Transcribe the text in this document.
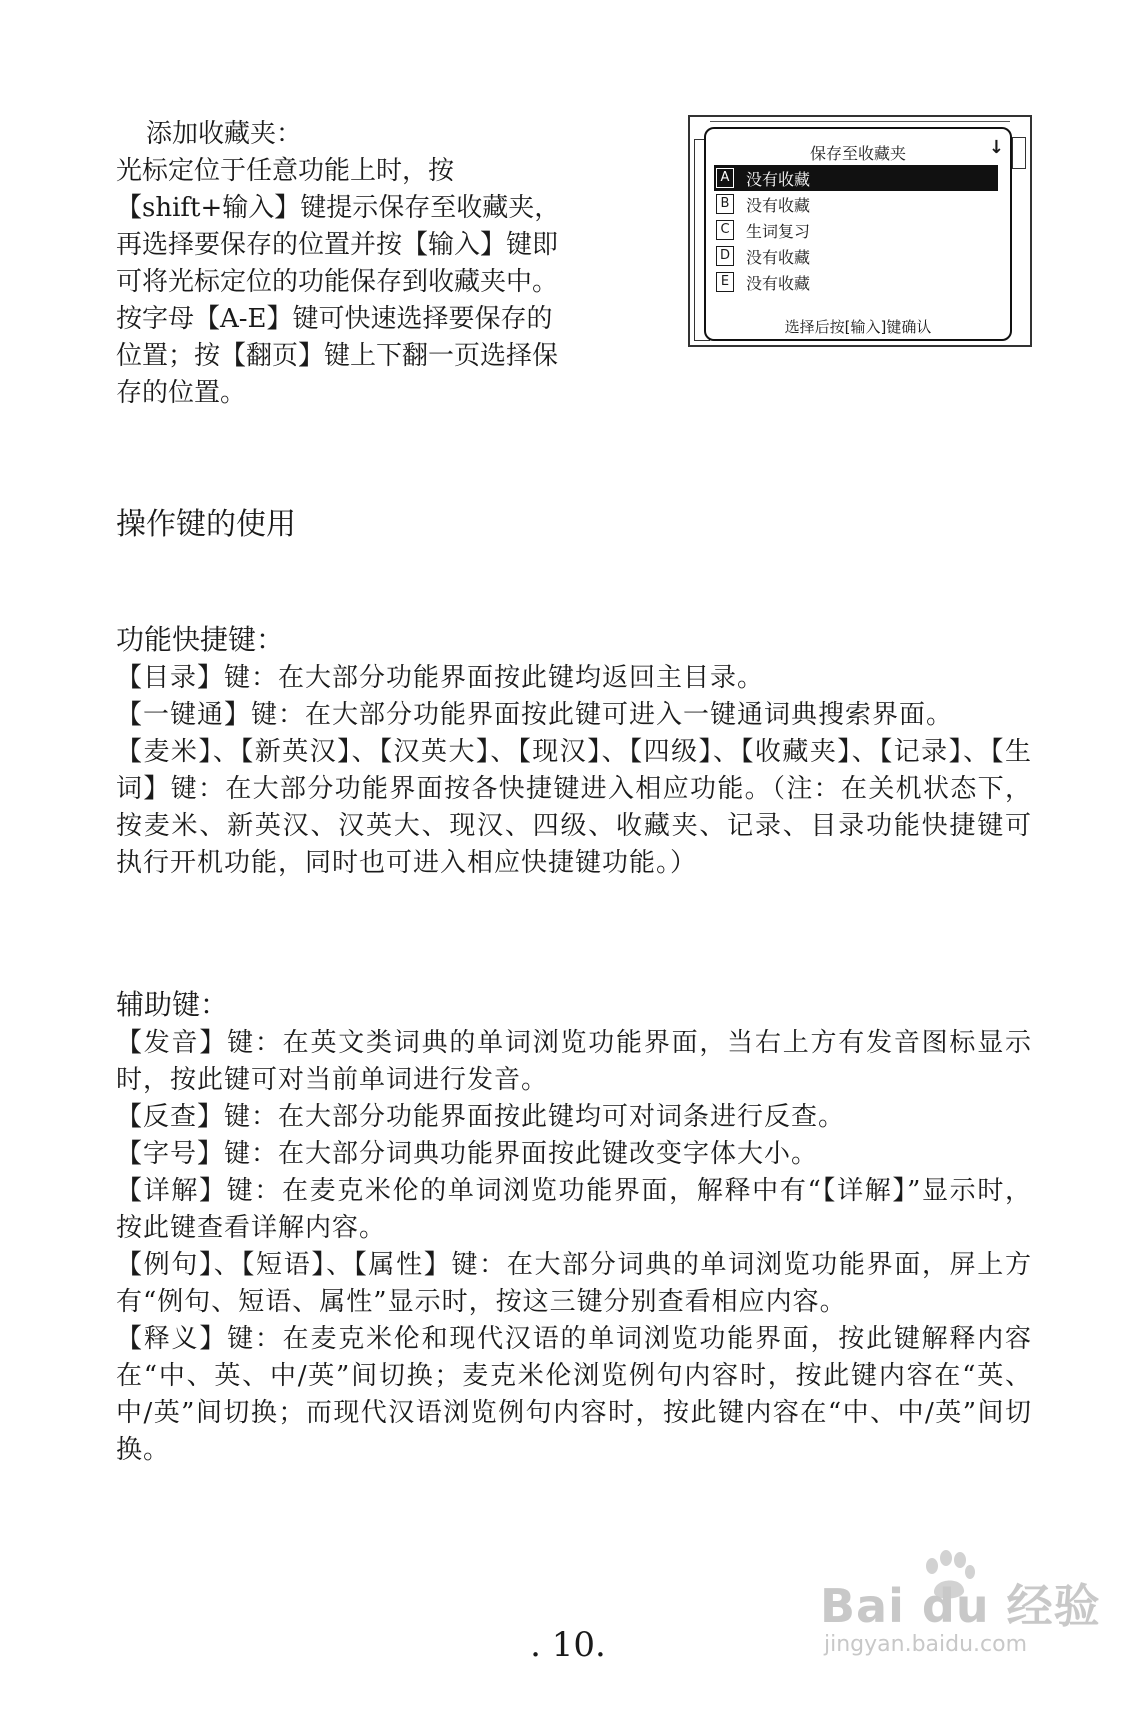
添加收藏夹：

光标定位于任意功能上时，按

【shift+输入】键提示保存至收藏夹，

再选择要保存的位置并按【输入】键即

可将光标定位的功能保存到收藏夹中。

按字母【A-E】键可快速选择要保存的

位置；按【翻页】键上下翻一页选择保

存的位置。

保存至收藏夹	↓
A 没有收藏
B 没有收藏
C 生词复习
D 没有收藏
E	没有收藏
选择后按[输入]键确认

操作键的使用

功能快捷键：

【目录】键：在大部分功能界面按此键均返回主目录。

【一键通】键：在大部分功能界面按此键可进入一键通词典搜索界面。

【麦米】、【新英汉】、【汉英大】、【现汉】、【四级】、【收藏夹】、【记录】、【生词】键：在大部分功能界面按各快捷键进入相应功能。（注：在关机状态下，按麦米、新英汉、汉英大、现汉、四级、收藏夹、记录、目录功能快捷键可执行开机功能，同时也可进入相应快捷键功能。）

辅助键：

【发音】键：在英文类词典的单词浏览功能界面，当右上方有发音图标显示时，按此键可对当前单词进行发音。

【反查】键：在大部分功能界面按此键均可对词条进行反查。

【字号】键：在大部分词典功能界面按此键改变字体大小。

【详解】键：在麦克米伦的单词浏览功能界面，解释中有“【详解】”显示时，按此键查看详解内容。

【例句】、【短语】、【属性】键：在大部分词典的单词浏览功能界面，屏上方有“例句、短语、属性”显示时，按这三键分别查看相应内容。

【释义】键：在麦克米伦和现代汉语的单词浏览功能界面，按此键解释内容在“中、英、中/英”间切换；麦克米伦浏览例句内容时，按此键内容在“英、中/英”间切换；而现代汉语浏览例句内容时，按此键内容在“中、中/英”间切换。

. 10.
Bai du 经验
jingyan.baidu.com
